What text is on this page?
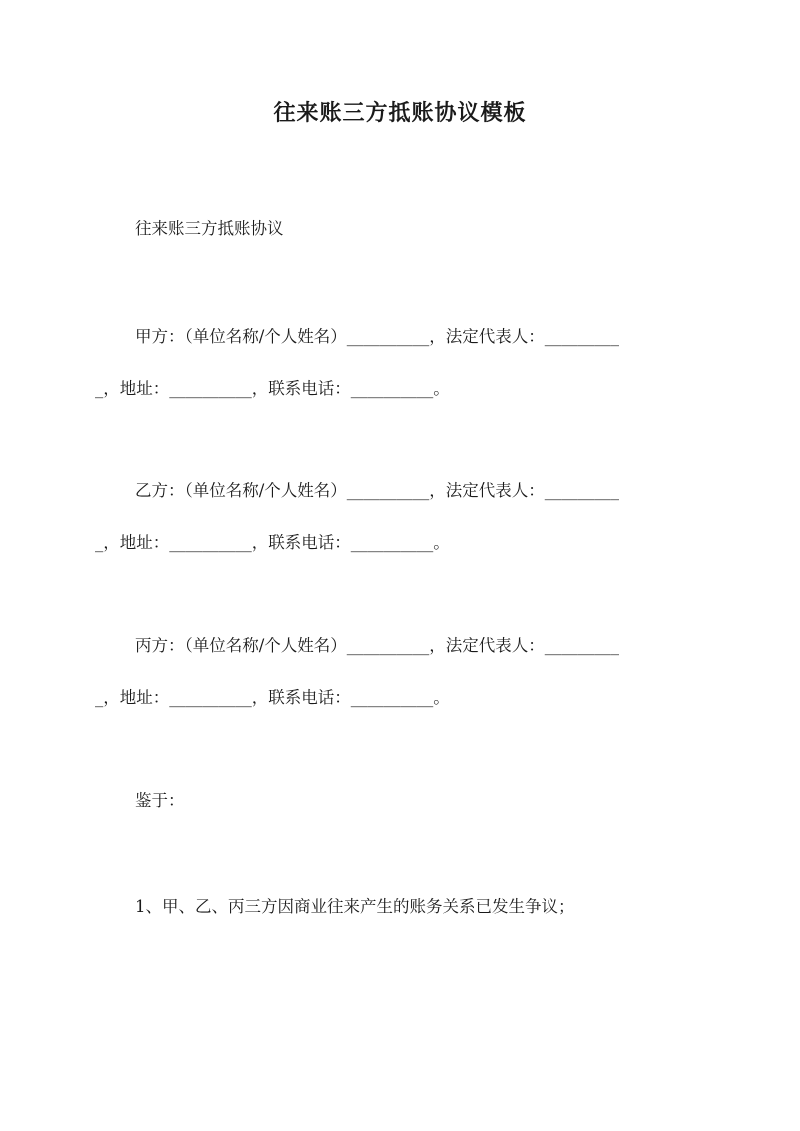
往来账三方抵账协议模板

往来账三方抵账协议

甲方：（单位名称/个人姓名）__________，法定代表人：_________

_，地址：__________，联系电话：__________。

乙方：（单位名称/个人姓名）__________，法定代表人：_________

_，地址：__________，联系电话：__________。

丙方：（单位名称/个人姓名）__________，法定代表人：_________

_，地址：__________，联系电话：__________。

鉴于：

1、甲、乙、丙三方因商业往来产生的账务关系已发生争议；
